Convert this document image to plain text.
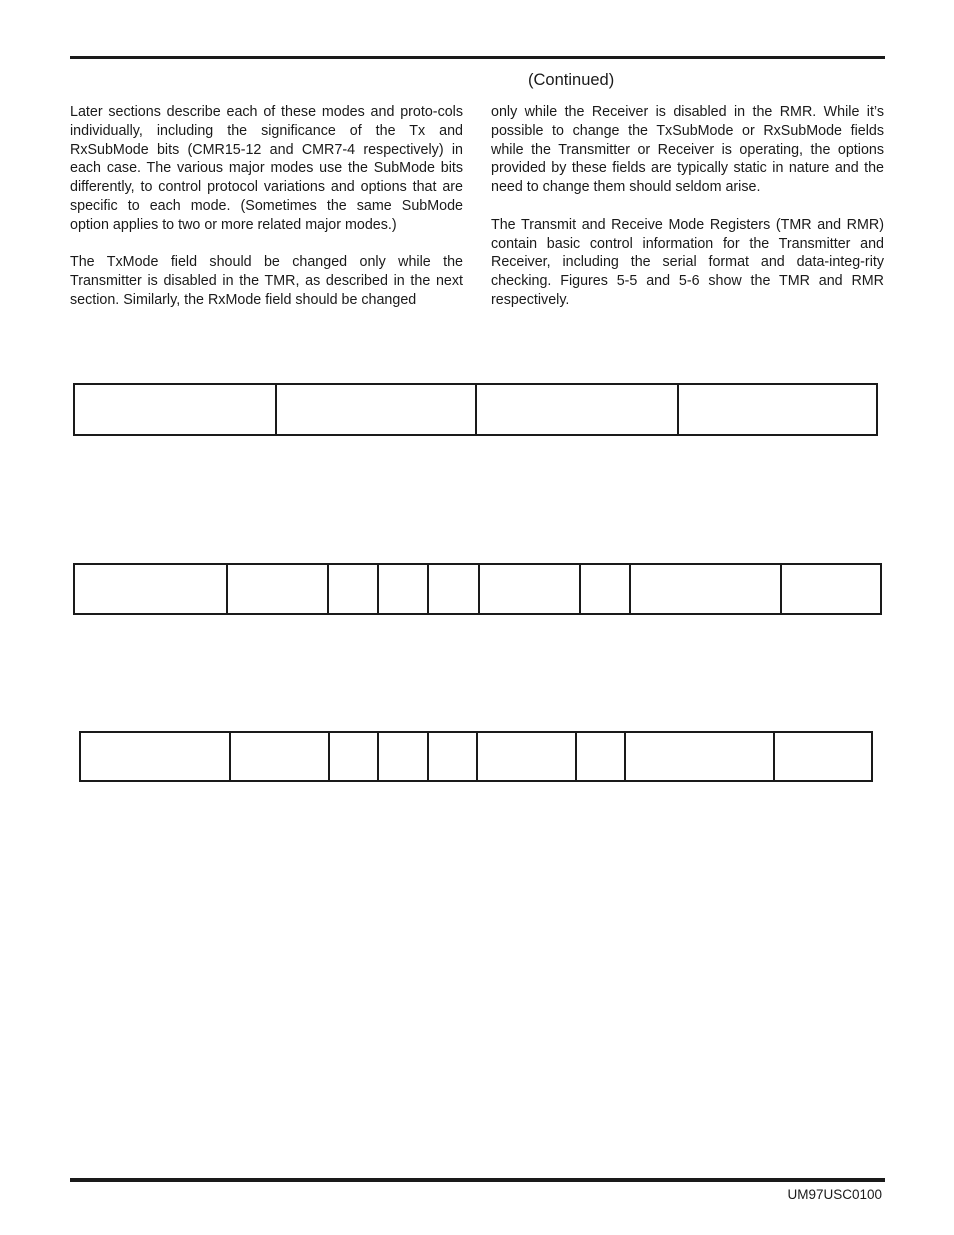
(Continued)

Later sections describe each of these modes and proto-cols individually, including the significance of the Tx and RxSubMode bits (CMR15-12 and CMR7-4 respectively) in each case. The various major modes use the SubMode bits differently, to control protocol variations and options that are specific to each mode. (Sometimes the same SubMode option applies to two or more related major modes.)

The TxMode field should be changed only while the Transmitter is disabled in the TMR, as described in the next section. Similarly, the RxMode field should be changed

only while the Receiver is disabled in the RMR. While it’s possible to change the TxSubMode or RxSubMode fields while the Transmitter or Receiver is operating, the options provided by these fields are typically static in nature and the need to change them should seldom arise.

The Transmit and Receive Mode Registers (TMR and RMR) contain basic control information for the Transmitter and Receiver, including the serial format and data-integ-rity checking. Figures 5-5 and 5-6 show the TMR and RMR respectively.

UM97USC0100
